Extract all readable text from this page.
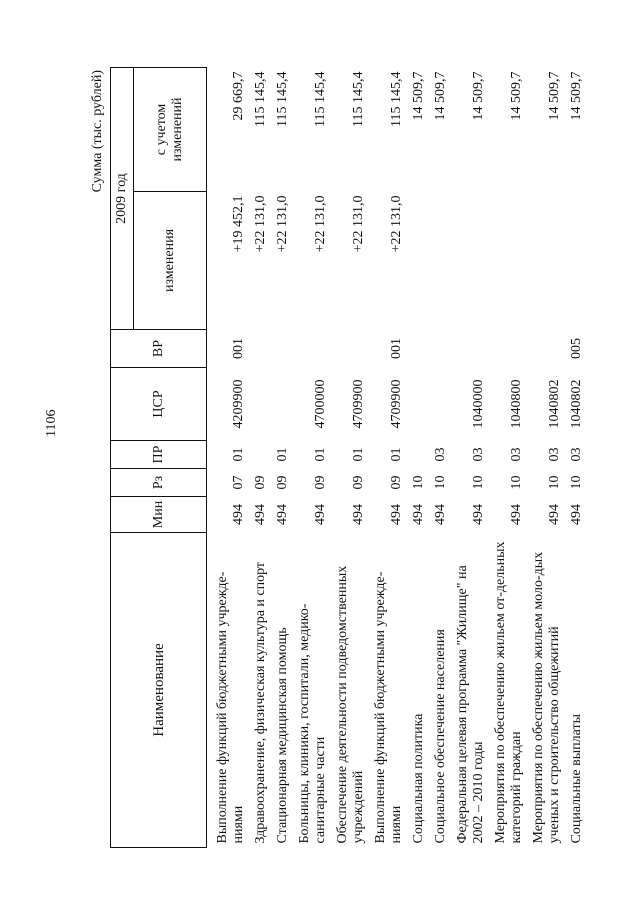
1106
Сумма (тыс. рублей)
Наименование	Мин	Рз	ПР	ЦСР	ВР	2009 год	
						изменения	с учетом изменений
Выполнение функций бюджетными учрежде-ниями	494	07	01	4209900	001	+19 452,1	29 669,7
Здравоохранение, физическая культура и спорт	494	09				+22 131,0	115 145,4
Стационарная медицинская помощь	494	09	01			+22 131,0	115 145,4
Больницы, клиники, госпитали, медико-санитарные части	494	09	01	4700000		+22 131,0	115 145,4
Обеспечение деятельности подведомственных учреждений	494	09	01	4709900		+22 131,0	115 145,4
Выполнение функций бюджетными учрежде-ниями	494	09	01	4709900	001	+22 131,0	115 145,4
Социальная политика	494	10					14 509,7
Социальное обеспечение населения	494	10	03				14 509,7
Федеральная целевая программа "Жилище" на 2002 – 2010 годы	494	10	03	1040000			14 509,7
Мероприятия по обеспечению жильем от-дельных категорий граждан	494	10	03	1040800			14 509,7
Мероприятия по обеспечению жильем моло-дых ученых и строительство общежитий	494	10	03	1040802			14 509,7
Социальные выплаты	494	10	03	1040802	005		14 509,7
